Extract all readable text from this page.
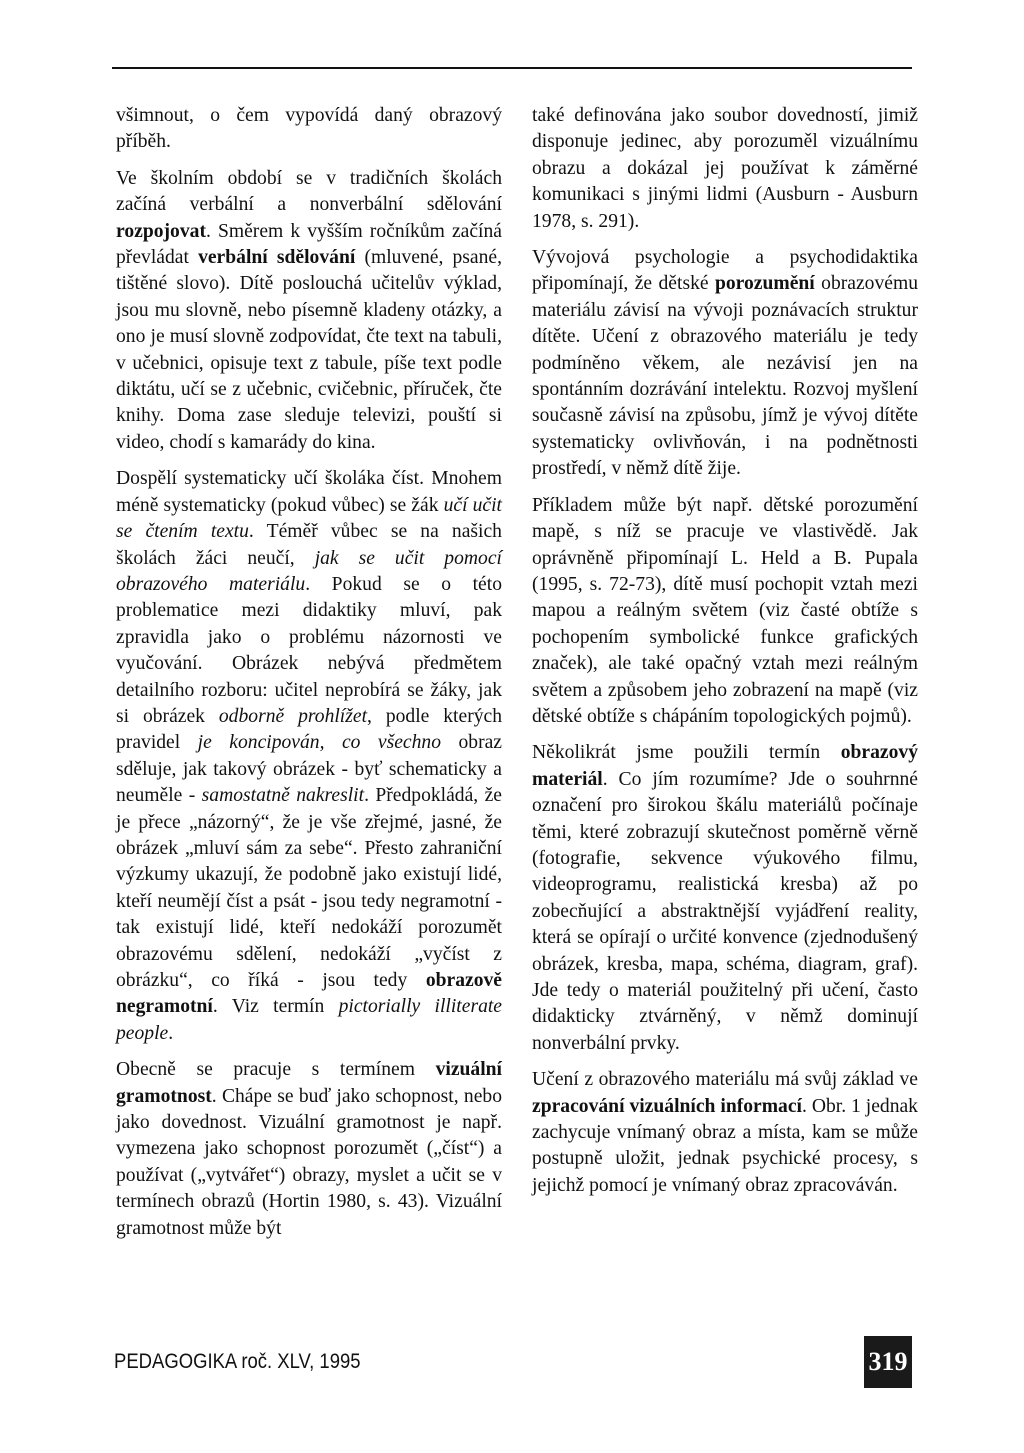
všimnout, o čem vypovídá daný obrazový příběh.

Ve školním období se v tradičních školách začíná verbální a nonverbální sdělování rozpojovat. Směrem k vyšším ročníkům začíná převládat verbální sdělování (mluvené, psané, tištěné slovo). Dítě poslouchá učitelův výklad, jsou mu slovně, nebo písemně kladeny otázky, a ono je musí slovně zodpovídat, čte text na tabuli, v učebnici, opisuje text z tabule, píše text podle diktátu, učí se z učebnic, cvičebnic, příruček, čte knihy. Doma zase sleduje televizi, pouští si video, chodí s kamarády do kina.

Dospělí systematicky učí školáka číst. Mnohem méně systematicky (pokud vůbec) se žák učí učit se čtením textu. Téměř vůbec se na našich školách žáci neučí, jak se učit pomocí obrazového materiálu. Pokud se o této problematice mezi didaktiky mluví, pak zpravidla jako o problému názornosti ve vyučování. Obrázek nebývá předmětem detailního rozboru: učitel neprobírá se žáky, jak si obrázek odborně prohlížet, podle kterých pravidel je koncipován, co všechno obraz sděluje, jak takový obrázek - byť schematicky a neuměle - samostatně nakreslit. Předpokládá, že je přece „názorný“, že je vše zřejmé, jasné, že obrázek „mluví sám za sebe“. Přesto zahraniční výzkumy ukazují, že podobně jako existují lidé, kteří neumějí číst a psát - jsou tedy negramotní - tak existují lidé, kteří nedokáží porozumět obrazovému sdělení, nedokáží „vyčíst z obrázku“, co říká - jsou tedy obrazově negramotní. Viz termín pictorially illiterate people.

Obecně se pracuje s termínem vizuální gramotnost. Chápe se buď jako schopnost, nebo jako dovednost. Vizuální gramotnost je např. vymezena jako schopnost porozumět („číst“) a používat („vytvářet“) obrazy, myslet a učit se v termínech obrazů (Hortin 1980, s. 43). Vizuální gramotnost může být

také definována jako soubor dovedností, jimiž disponuje jedinec, aby porozuměl vizuálnímu obrazu a dokázal jej používat k záměrné komunikaci s jinými lidmi (Ausburn - Ausburn 1978, s. 291).

Vývojová psychologie a psychodidaktika připomínají, že dětské porozumění obrazovému materiálu závisí na vývoji poznávacích struktur dítěte. Učení z obrazového materiálu je tedy podmíněno věkem, ale nezávisí jen na spontánním dozrávání intelektu. Rozvoj myšlení současně závisí na způsobu, jímž je vývoj dítěte systematicky ovlivňován, i na podnětnosti prostředí, v němž dítě žije.

Příkladem může být např. dětské porozumění mapě, s níž se pracuje ve vlastivědě. Jak oprávněně připomínají L. Held a B. Pupala (1995, s. 72-73), dítě musí pochopit vztah mezi mapou a reálným světem (viz časté obtíže s pochopením symbolické funkce grafických značek), ale také opačný vztah mezi reálným světem a způsobem jeho zobrazení na mapě (viz dětské obtíže s chápáním topologických pojmů).

Několikrát jsme použili termín obrazový materiál. Co jím rozumíme? Jde o souhrnné označení pro širokou škálu materiálů počínaje těmi, které zobrazují skutečnost poměrně věrně (fotografie, sekvence výukového filmu, videoprogramu, realistická kresba) až po zobecňující a abstraktnější vyjádření reality, která se opírají o určité konvence (zjednodušený obrázek, kresba, mapa, schéma, diagram, graf). Jde tedy o materiál použitelný při učení, často didakticky ztvárněný, v němž dominují nonverbální prvky.

Učení z obrazového materiálu má svůj základ ve zpracování vizuálních informací. Obr. 1 jednak zachycuje vnímaný obraz a místa, kam se může postupně uložit, jednak psychické procesy, s jejichž pomocí je vnímaný obraz zpracováván.

PEDAGOGIKA roč. XLV, 1995	319
